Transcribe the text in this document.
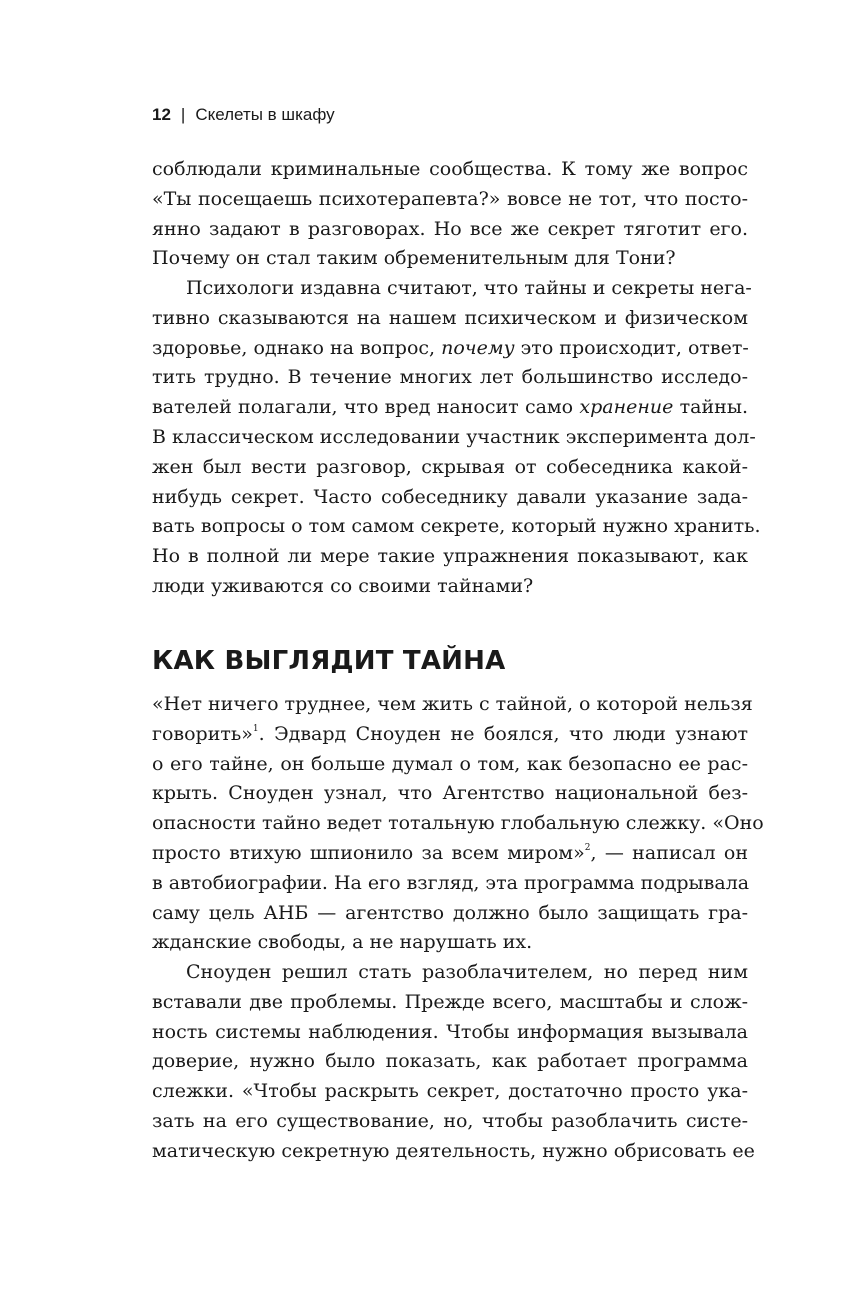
12 | Скелеты в шкафу
соблюдали криминальные сообщества. К тому же вопрос
«Ты посещаешь психотерапевта?» вовсе не тот, что посто-
янно задают в разговорах. Но все же секрет тяготит его.
Почему он стал таким обременительным для Тони?
Психологи издавна считают, что тайны и секреты нега-
тивно сказываются на нашем психическом и физическом
здоровье, однако на вопрос, почему это происходит, ответ-
тить трудно. В течение многих лет большинство исследо-
вателей полагали, что вред наносит само хранение тайны.
В классическом исследовании участник эксперимента дол-
жен был вести разговор, скрывая от собеседника какой-
нибудь секрет. Часто собеседнику давали указание зада-
вать вопросы о том самом секрете, который нужно хранить.
Но в полной ли мере такие упражнения показывают, как
люди уживаются со своими тайнами?
КАК ВЫГЛЯДИТ ТАЙНА
«Нет ничего труднее, чем жить с тайной, о которой нельзя
говорить»$^1$. Эдвард Сноуден не боялся, что люди узнают
о его тайне, он больше думал о том, как безопасно ее рас-
крыть. Сноуден узнал, что Агентство национальной без-
опасности тайно ведет тотальную глобальную слежку. «Оно
просто втихую шпионило за всем миром»$^2$, — написал он
в автобиографии. На его взгляд, эта программа подрывала
саму цель АНБ — агентство должно было защищать гра-
жданские свободы, а не нарушать их.
Сноуден решил стать разоблачителем, но перед ним
вставали две проблемы. Прежде всего, масштабы и слож-
ность системы наблюдения. Чтобы информация вызывала
доверие, нужно было показать, как работает программа
слежки. «Чтобы раскрыть секрет, достаточно просто ука-
зать на его существование, но, чтобы разоблачить систе-
матическую секретную деятельность, нужно обрисовать ее
